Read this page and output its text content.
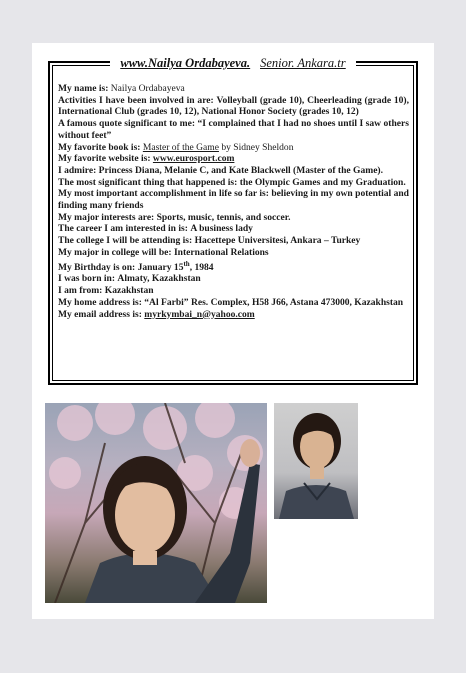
www.Nailya Ordabayeva. Senior. Ankara.tr
My name is: Nailya Ordabayeva
Activities I have been involved in are: Volleyball (grade 10), Cheerleading (grade 10), International Club (grades 10, 12), National Honor Society (grades 10, 12)
A famous quote significant to me: “I complained that I had no shoes until I saw others without feet”
My favorite book is: Master of the Game by Sidney Sheldon
My favorite website is: www.eurosport.com
I admire: Princess Diana, Melanie C, and Kate Blackwell (Master of the Game).
The most significant thing that happened is: the Olympic Games and my Graduation.
My most important accomplishment in life so far is: believing in my own potential and finding many friends
My major interests are: Sports, music, tennis, and soccer.
The career I am interested in is: A business lady
The college I will be attending is: Hacettepe Universitesi, Ankara – Turkey
My major in college will be: International Relations
My Birthday is on: January 15th, 1984
I was born in: Almaty, Kazakhstan
I am from: Kazakhstan
My home address is: “Al Farbi” Res. Complex, H58 J66, Astana 473000, Kazakhstan
My email address is: myrkymbai_n@yahoo.com
